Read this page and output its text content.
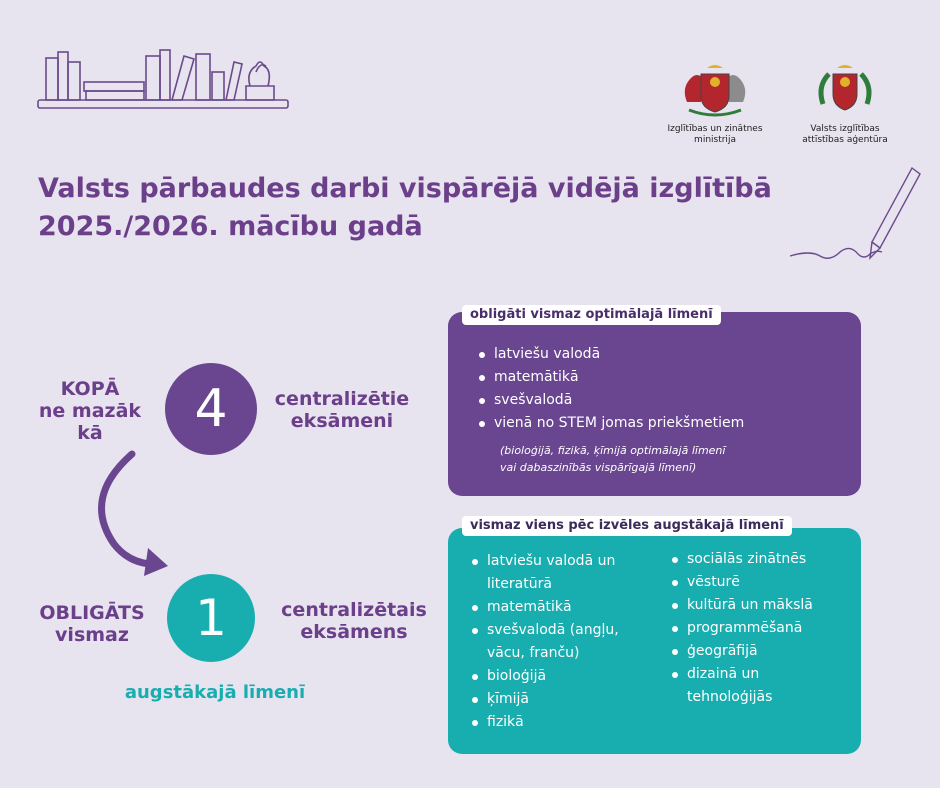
Izglītības un zinātnes
ministrija
Valsts izglītības
attīstības aģentūra
Valsts pārbaudes darbi vispārējā vidējā izglītībā
2025./2026. mācību gadā
KOPĀ
ne mazāk
kā	4	centralizētie
eksāmeni
OBLIGĀTS
vismaz	1	centralizētais
eksāmens
augstākajā līmenī
obligāti vismaz optimālajā līmenī
latviešu valodā
matemātikā
svešvalodā
vienā no STEM jomas priekšmetiem
(bioloģijā, fizikā, ķīmijā optimālajā līmenī
vai dabaszinībās vispārīgajā līmenī)
vismaz viens pēc izvēles augstākajā līmenī
latviešu valodā un
literatūrā
matemātikā
svešvalodā (angļu,
vācu, franču)
bioloģijā
ķīmijā
fizikā
sociālās zinātnēs
vēsturē
kultūrā un mākslā
programmēšanā
ģeogrāfijā
dizainā un
tehnoloģijās
